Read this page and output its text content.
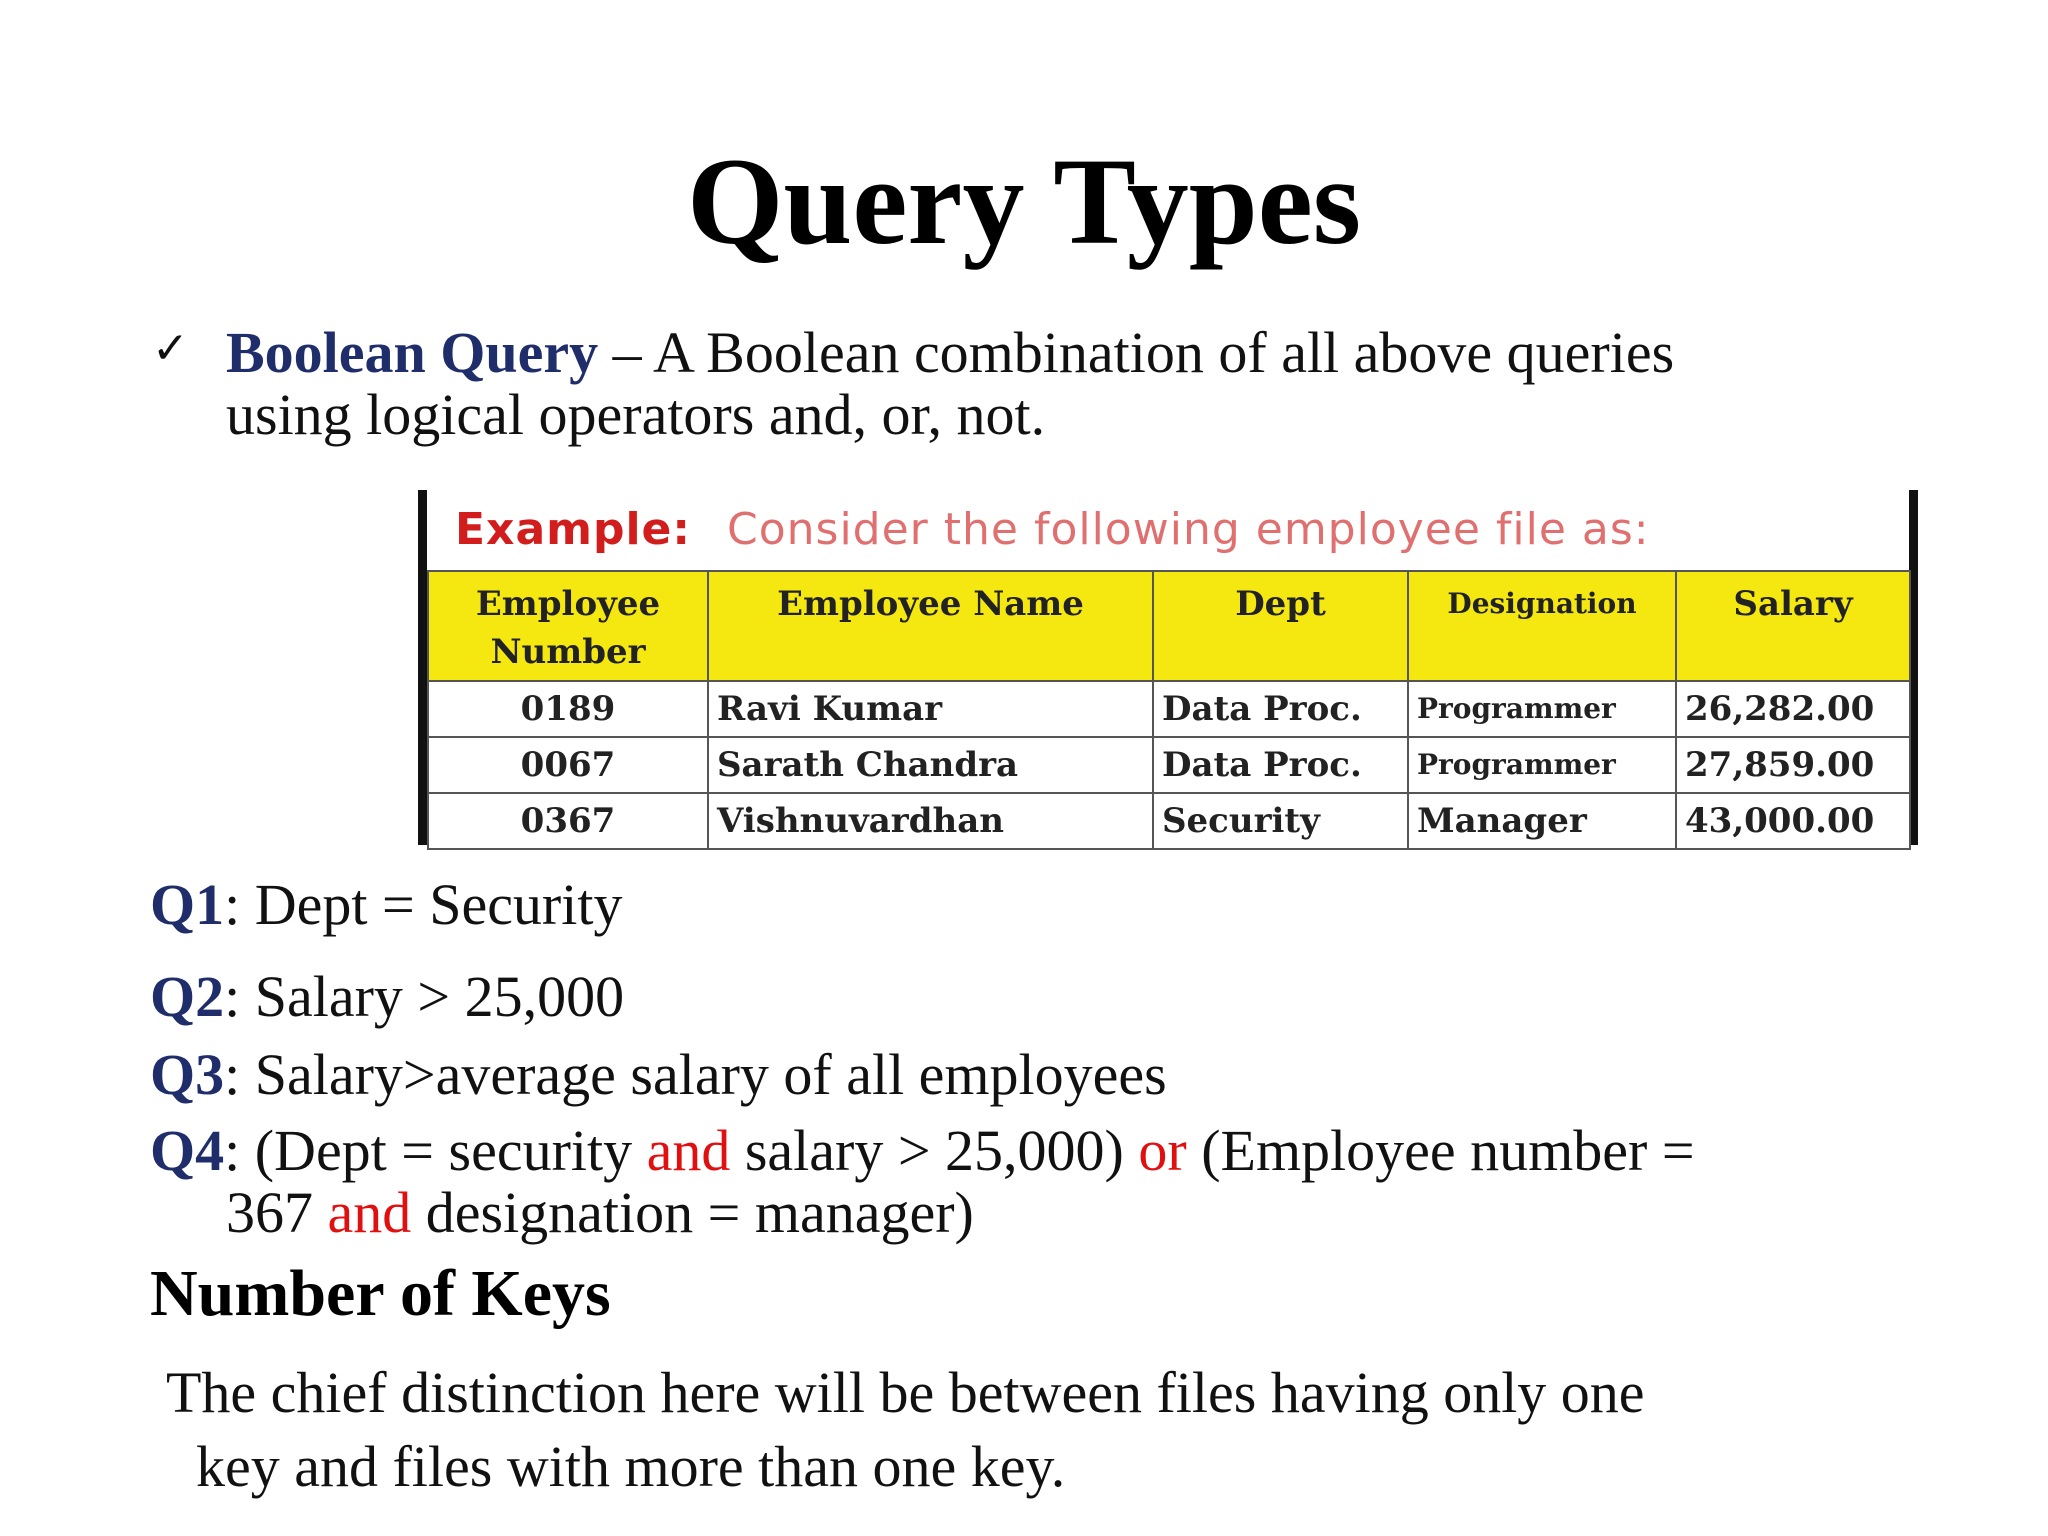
Query Types
✓ Boolean Query – A Boolean combination of all above queries
using logical operators and, or, not.
Example: Consider the following employee file as:
Employee Number	Employee Name	Dept	Designation	Salary
0189	Ravi Kumar	Data Proc.	Programmer	26,282.00
0067	Sarath Chandra	Data Proc.	Programmer	27,859.00
0367	Vishnuvardhan	Security	Manager	43,000.00
Q1: Dept = Security
Q2: Salary > 25,000
Q3: Salary>average salary of all employees
Q4: (Dept = security and salary > 25,000) or (Employee number =
367 and designation = manager)
Number of Keys
The chief distinction here will be between files having only one
key and files with more than one key.
